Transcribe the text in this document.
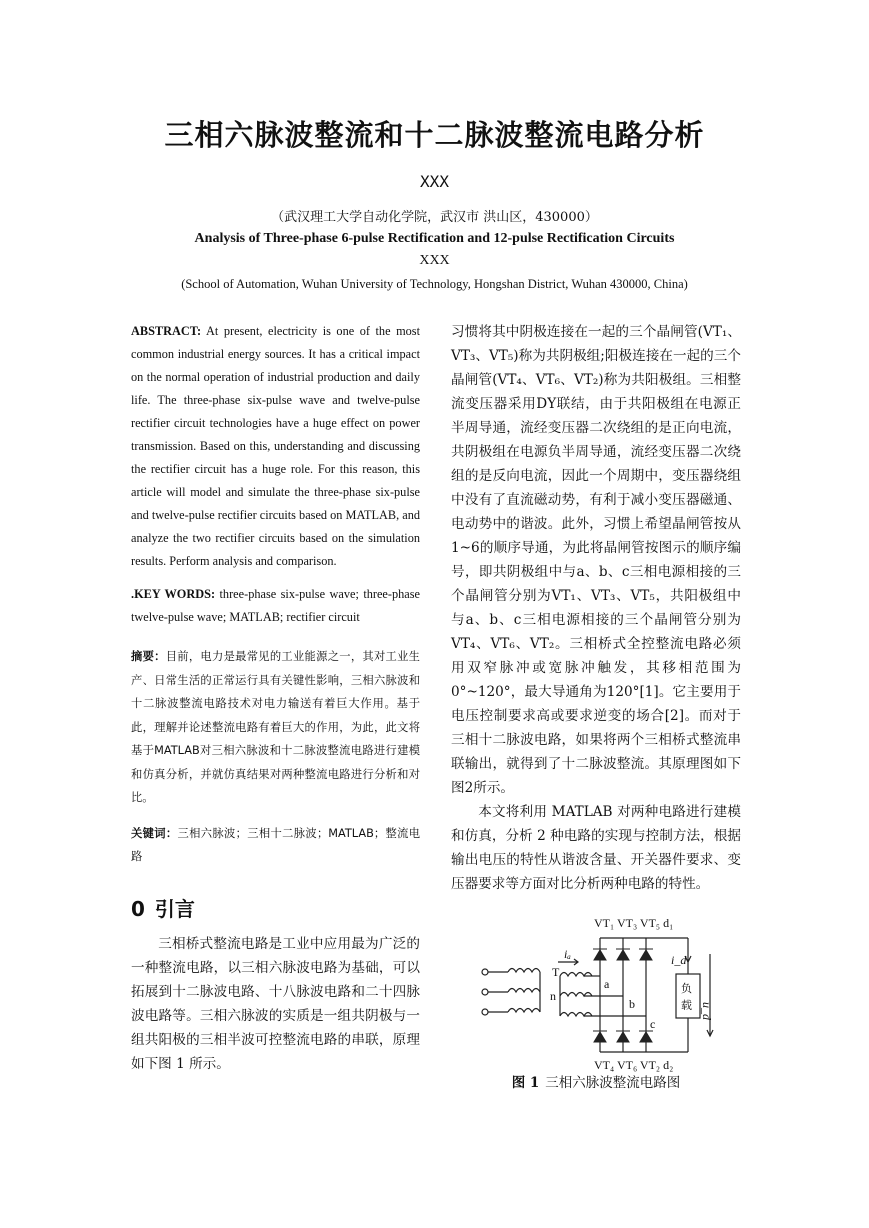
三相六脉波整流和十二脉波整流电路分析
XXX
（武汉理工大学自动化学院，武汉市 洪山区，430000）
Analysis of Three-phase 6-pulse Rectification and 12-pulse Rectification Circuits
XXX
(School of Automation, Wuhan University of Technology, Hongshan District, Wuhan 430000, China)

ABSTRACT: At present, electricity is one of the most common industrial energy sources. It has a critical impact on the normal operation of industrial production and daily life. The three-phase six-pulse wave and twelve-pulse rectifier circuit technologies have a huge effect on power transmission. Based on this, understanding and discussing the rectifier circuit has a huge role. For this reason, this article will model and simulate the three-phase six-pulse and twelve-pulse rectifier circuits based on MATLAB, and analyze the two rectifier circuits based on the simulation results. Perform analysis and comparison.

.KEY WORDS: three-phase six-pulse wave; three-phase twelve-pulse wave; MATLAB; rectifier circuit

摘要：目前，电力是最常见的工业能源之一，其对工业生产、日常生活的正常运行具有关键性影响，三相六脉波和十二脉波整流电路技术对电力输送有着巨大作用。基于此，理解并论述整流电路有着巨大的作用，为此，此文将基于MATLAB对三相六脉波和十二脉波整流电路进行建模和仿真分析，并就仿真结果对两种整流电路进行分析和对比。

关键词：三相六脉波；三相十二脉波；MATLAB；整流电路

0 引言

三相桥式整流电路是工业中应用最为广泛的一种整流电路，以三相六脉波电路为基础，可以拓展到十二脉波电路、十八脉波电路和二十四脉波电路等。三相六脉波的实质是一组共阴极与一组共阳极的三相半波可控整流电路的串联，原理如下图 1 所示。

习惯将其中阴极连接在一起的三个晶闸管(VT₁、VT₃、VT₅)称为共阴极组;阳极连接在一起的三个晶闸管(VT₄、VT₆、VT₂)称为共阳极组。三相整流变压器采用DY联结，由于共阳极组在电源正半周导通，流经变压器二次绕组的是正向电流，共阴极组在电源负半周导通，流经变压器二次绕组的是反向电流，因此一个周期中，变压器绕组中没有了直流磁动势，有利于减小变压器磁通、电动势中的谐波。此外，习惯上希望晶闸管按从1~6的顺序导通，为此将晶闸管按图示的顺序编号，即共阴极组中与a、b、c三相电源相接的三个晶闸管分别为VT₁、VT₃、VT₅，共阳极组中与a、b、c三相电源相接的三个晶闸管分别为VT₄、VT₆、VT₂。三相桥式全控整流电路必须用双窄脉冲或宽脉冲触发，其移相范围为0°~120°，最大导通角为120°[1]。它主要用于电压控制要求高或要求逆变的场合[2]。而对于三相十二脉波电路，如果将两个三相桥式整流串联输出，就得到了十二脉波整流。其原理图如下图2所示。

本文将利用 MATLAB 对两种电路进行建模和仿真，分析 2 种电路的实现与控制方法，根据输出电压的特性从谐波含量、开关器件要求、变压器要求等方面对比分析两种电路的特性。

VT₁ VT₃ VT₅ d₁
VT₄ VT₆ VT₂ d₂
T
n
iₐ
a
b
c
i_d
负
载 u_d
图 1 三相六脉波整流电路图
